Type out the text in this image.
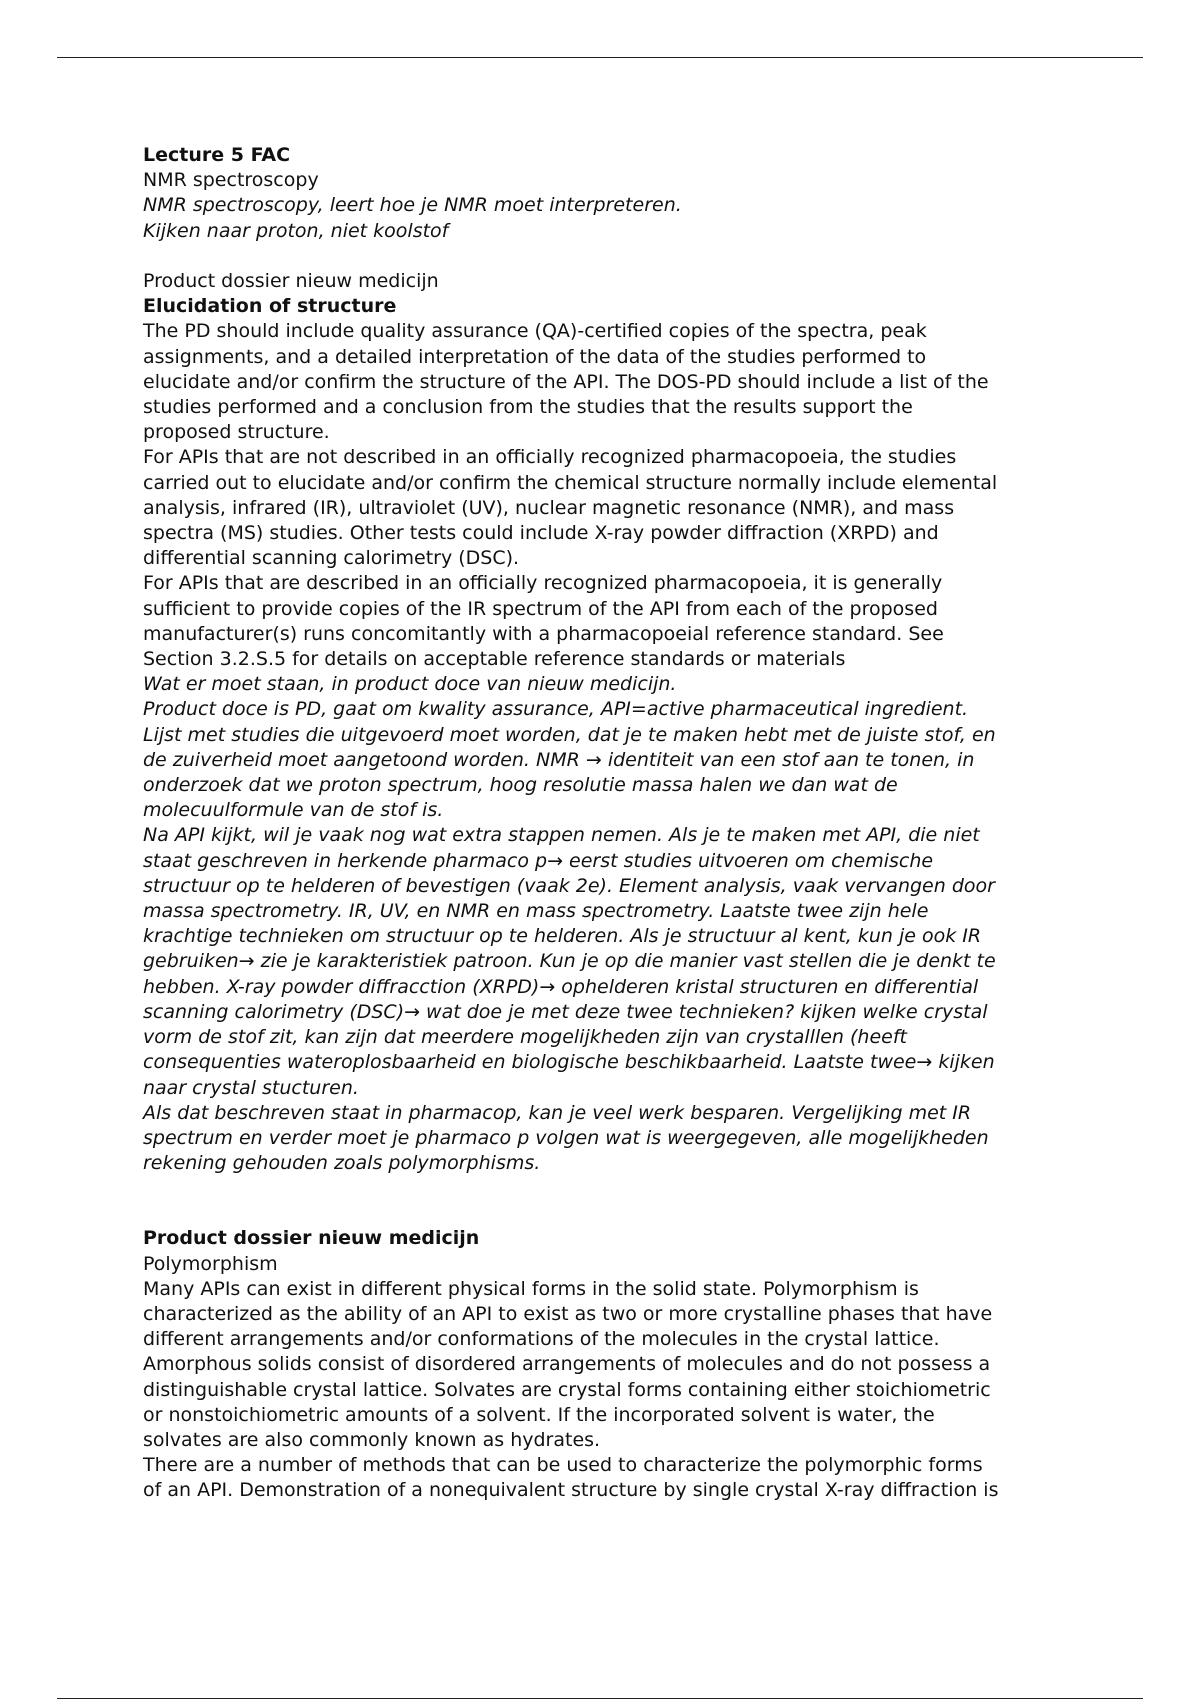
Lecture 5 FAC
NMR spectroscopy
NMR spectroscopy, leert hoe je NMR moet interpreteren.
Kijken naar proton, niet koolstof
Product dossier nieuw medicijn
Elucidation of structure
The PD should include quality assurance (QA)-certified copies of the spectra, peak
assignments, and a detailed interpretation of the data of the studies performed to
elucidate and/or confirm the structure of the API. The DOS-PD should include a list of the
studies performed and a conclusion from the studies that the results support the
proposed structure.
For APIs that are not described in an officially recognized pharmacopoeia, the studies
carried out to elucidate and/or confirm the chemical structure normally include elemental
analysis, infrared (IR), ultraviolet (UV), nuclear magnetic resonance (NMR), and mass
spectra (MS) studies. Other tests could include X-ray powder diffraction (XRPD) and
differential scanning calorimetry (DSC).
For APIs that are described in an officially recognized pharmacopoeia, it is generally
sufficient to provide copies of the IR spectrum of the API from each of the proposed
manufacturer(s) runs concomitantly with a pharmacopoeial reference standard. See
Section 3.2.S.5 for details on acceptable reference standards or materials
Wat er moet staan, in product doce van nieuw medicijn.
Product doce is PD, gaat om kwality assurance, API=active pharmaceutical ingredient.
Lijst met studies die uitgevoerd moet worden, dat je te maken hebt met de juiste stof, en
de zuiverheid moet aangetoond worden. NMR → identiteit van een stof aan te tonen, in
onderzoek dat we proton spectrum, hoog resolutie massa halen we dan wat de
molecuulformule van de stof is.
Na API kijkt, wil je vaak nog wat extra stappen nemen. Als je te maken met API, die niet
staat geschreven in herkende pharmaco p→ eerst studies uitvoeren om chemische
structuur op te helderen of bevestigen (vaak 2e). Element analysis, vaak vervangen door
massa spectrometry. IR, UV, en NMR en mass spectrometry. Laatste twee zijn hele
krachtige technieken om structuur op te helderen. Als je structuur al kent, kun je ook IR
gebruiken→ zie je karakteristiek patroon. Kun je op die manier vast stellen die je denkt te
hebben. X-ray powder diffracction (XRPD)→ ophelderen kristal structuren en differential
scanning calorimetry (DSC)→ wat doe je met deze twee technieken? kijken welke crystal
vorm de stof zit, kan zijn dat meerdere mogelijkheden zijn van crystalllen (heeft
consequenties wateroplosbaarheid en biologische beschikbaarheid. Laatste twee→ kijken
naar crystal stucturen.
Als dat beschreven staat in pharmacop, kan je veel werk besparen. Vergelijking met IR
spectrum en verder moet je pharmaco p volgen wat is weergegeven, alle mogelijkheden
rekening gehouden zoals polymorphisms.
Product dossier nieuw medicijn
Polymorphism
Many APIs can exist in different physical forms in the solid state. Polymorphism is
characterized as the ability of an API to exist as two or more crystalline phases that have
different arrangements and/or conformations of the molecules in the crystal lattice.
Amorphous solids consist of disordered arrangements of molecules and do not possess a
distinguishable crystal lattice. Solvates are crystal forms containing either stoichiometric
or nonstoichiometric amounts of a solvent. If the incorporated solvent is water, the
solvates are also commonly known as hydrates.
There are a number of methods that can be used to characterize the polymorphic forms
of an API. Demonstration of a nonequivalent structure by single crystal X-ray diffraction is
